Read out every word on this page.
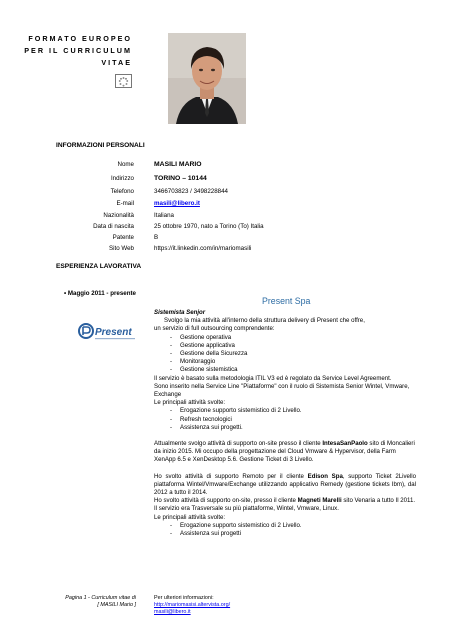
FORMATO EUROPEO
PER IL CURRICULUM
VITAE
INFORMAZIONI PERSONALI
Nome	MASILI MARIO
Indirizzo	TORINO – 10144
Telefono	3466703823 / 3498228844
E-mail	masili@libero.it
Nazionalità	Italiana
Data di nascita	25 ottobre 1970, nato a Torino (To) Italia
Patente	B
Sito Web	https://it.linkedin.com/in/mariomasili
ESPERIENZA LAVORATIVA
• Maggio 2011 - presente
Present
Present Spa

Sistemista Senjor

Svolgo la mia attività all'interno della struttura delivery di Present che offre,

un servizio di full outsourcing comprendente:

- Gestione operativa

- Gestione applicativa

- Gestione della Sicurezza

- Monitoraggio

- Gestione sistemistica

Il servizio è basato sulla metodologia ITIL V3 ed è regolato da Service Level Agreement.

Sono inserito nella Service Line "Piattaforme" con il ruolo di Sistemista Senior Wintel, Vmware, Exchange

Le principali attività svolte:

- Erogazione supporto sistemistico di 2 Livello.

- Refresh tecnologici

- Assistenza sui progetti.

Attualmente svolgo attività di supporto on-site presso il cliente IntesaSanPaolo sito di Moncalieri da inizio 2015. Mi occupo della progettazione del Cloud Vmware & Hypervisor, della Farm XenApp 6.5 e XenDesktop 5.6. Gestione Ticket di 3 Livello.

Ho svolto attività di supporto Remoto per il cliente Edison Spa, supporto Ticket 2Livello piattaforma Wintel/Vmware/Exchange utilizzando applicativo Remedy (gestione tickets Ibm), dal 2012 a tutto il 2014.

Ho svolto attività di supporto on-site, presso il cliente Magneti Marelli sito Venaria a tutto Il 2011.

Il servizio era Trasversale su più piattaforme, Wintel, Vmware, Linux.

Le principali attività svolte:

- Erogazione supporto sistemistico di 2 Livello.

- Assistenza sui progetti

Pagina 1 - Curriculum vitae di
[ MASILI Mario ]
Per ulteriori informazioni:
http://mariomasisi.altervista.org/
masili@libero.it
